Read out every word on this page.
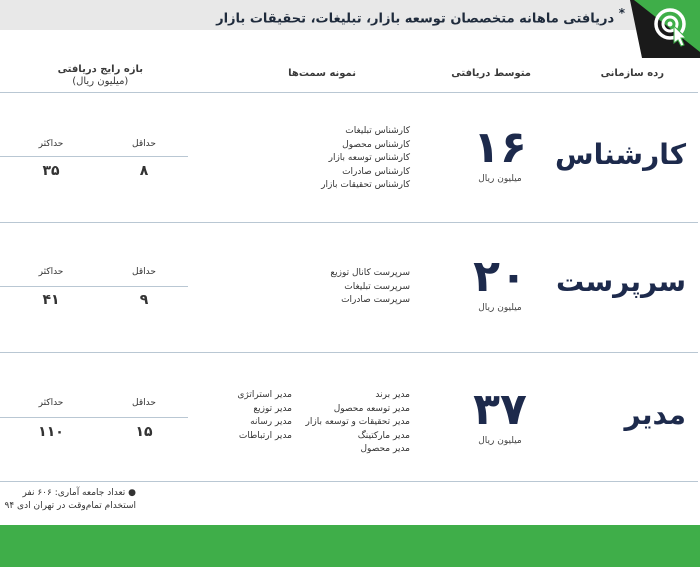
* دریافتی ماهانه متخصصان توسعه بازار، تبلیغات، تحقیقات بازار
رده سازمانی
متوسط دریافتی
نمونه سمت‌ها
بازه رایج دریافتی
(میلیون ریال)
کارشناس
۱۶
میلیون ریال
کارشناس تبلیغات
کارشناس محصول
کارشناس توسعه بازار
کارشناس صادرات
کارشناس تحقیقات بازار
حداقل
حداکثر
۸
۳۵
سرپرست
۲۰
میلیون ریال
سرپرست کانال توزیع
سرپرست تبلیغات
سرپرست صادرات
حداقل
حداکثر
۹
۴۱
مدیر
۳۷
میلیون ریال
مدیر برند
مدیر توسعه محصول
مدیر تحقیقات و توسعه بازار
مدیر مارکتینگ
مدیر محصول
مدیر استراتژی
مدیر توزیع
مدیر رسانه
مدیر ارتباطات
حداقل
حداکثر
۱۵
۱۱۰
● تعداد جامعه آماری: ۶۰۶ نفر
استخدام تمام‌وقت در تهران ادی ۹۴
